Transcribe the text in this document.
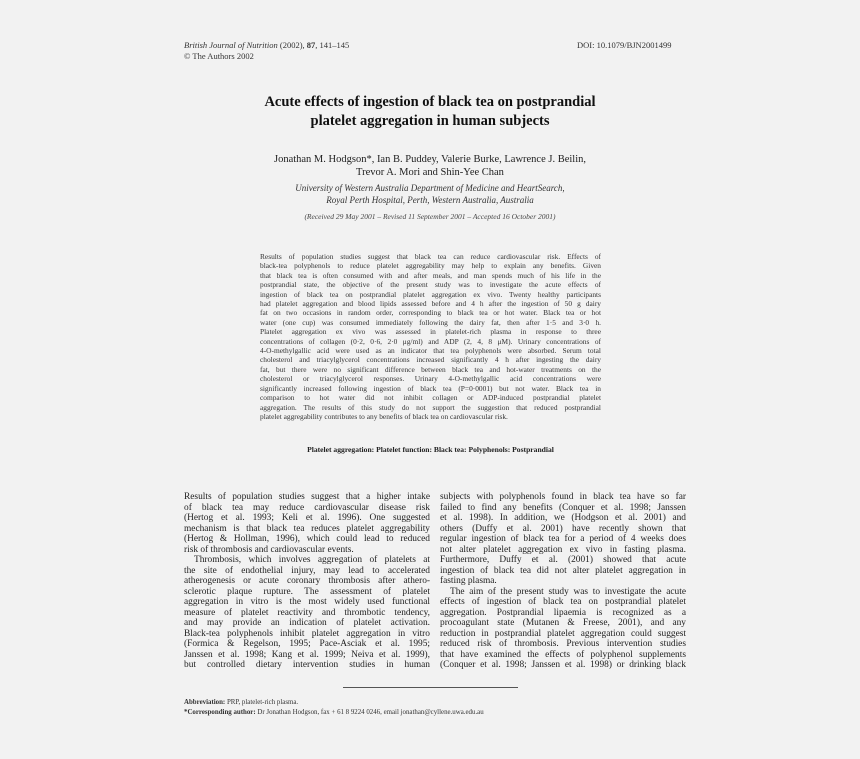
British Journal of Nutrition (2002), 87, 141–145
© The Authors 2002
DOI: 10.1079/BJN2001499
Acute effects of ingestion of black tea on postprandial
platelet aggregation in human subjects
Jonathan M. Hodgson*, Ian B. Puddey, Valerie Burke, Lawrence J. Beilin,
Trevor A. Mori and Shin-Yee Chan
University of Western Australia Department of Medicine and HeartSearch,
Royal Perth Hospital, Perth, Western Australia, Australia
(Received 29 May 2001 – Revised 11 September 2001 – Accepted 16 October 2001)
Results of population studies suggest that black tea can reduce cardiovascular risk. Effects of
black-tea polyphenols to reduce platelet aggregability may help to explain any benefits. Given
that black tea is often consumed with and after meals, and man spends much of his life in the
postprandial state, the objective of the present study was to investigate the acute effects of
ingestion of black tea on postprandial platelet aggregation ex vivo. Twenty healthy participants
had platelet aggregation and blood lipids assessed before and 4 h after the ingestion of 50 g dairy
fat on two occasions in random order, corresponding to black tea or hot water. Black tea or hot
water (one cup) was consumed immediately following the dairy fat, then after 1·5 and 3·0 h.
Platelet aggregation ex vivo was assessed in platelet-rich plasma in response to three
concentrations of collagen (0·2, 0·6, 2·0 μg/ml) and ADP (2, 4, 8 μM). Urinary concentrations of
4-O-methylgallic acid were used as an indicator that tea polyphenols were absorbed. Serum total
cholesterol and triacylglycerol concentrations increased significantly 4 h after ingesting the dairy
fat, but there were no significant difference between black tea and hot-water treatments on the
cholesterol or triacylglycerol responses. Urinary 4-O-methylgallic acid concentrations were
significantly increased following ingestion of black tea (P=0·0001) but not water. Black tea in
comparison to hot water did not inhibit collagen or ADP-induced postprandial platelet
aggregation. The results of this study do not support the suggestion that reduced postprandial
platelet aggregability contributes to any benefits of black tea on cardiovascular risk.
Platelet aggregation: Platelet function: Black tea: Polyphenols: Postprandial
Results of population studies suggest that a higher intake
of black tea may reduce cardiovascular disease risk
(Hertog et al. 1993; Keli et al. 1996). One suggested
mechanism is that black tea reduces platelet aggregability
(Hertog & Hollman, 1996), which could lead to reduced
risk of thrombosis and cardiovascular events.
Thrombosis, which involves aggregation of platelets at
the site of endothelial injury, may lead to accelerated
atherogenesis or acute coronary thrombosis after athero-
sclerotic plaque rupture. The assessment of platelet
aggregation in vitro is the most widely used functional
measure of platelet reactivity and thrombotic tendency,
and may provide an indication of platelet activation.
Black-tea polyphenols inhibit platelet aggregation in vitro
(Formica & Regelson, 1995; Pace-Asciak et al. 1995;
Janssen et al. 1998; Kang et al. 1999; Neiva et al. 1999),
but controlled dietary intervention studies in human
subjects with polyphenols found in black tea have so far
failed to find any benefits (Conquer et al. 1998; Janssen
et al. 1998). In addition, we (Hodgson et al. 2001) and
others (Duffy et al. 2001) have recently shown that
regular ingestion of black tea for a period of 4 weeks does
not alter platelet aggregation ex vivo in fasting plasma.
Furthermore, Duffy et al. (2001) showed that acute
ingestion of black tea did not alter platelet aggregation in
fasting plasma.
The aim of the present study was to investigate the acute
effects of ingestion of black tea on postprandial platelet
aggregation. Postprandial lipaemia is recognized as a
procoagulant state (Mutanen & Freese, 2001), and any
reduction in postprandial platelet aggregation could suggest
reduced risk of thrombosis. Previous intervention studies
that have examined the effects of polyphenol supplements
(Conquer et al. 1998; Janssen et al. 1998) or drinking black
Abbreviation: PRP, platelet-rich plasma.
*Corresponding author: Dr Jonathan Hodgson, fax + 61 8 9224 0246, email jonathan@cyllene.uwa.edu.au
